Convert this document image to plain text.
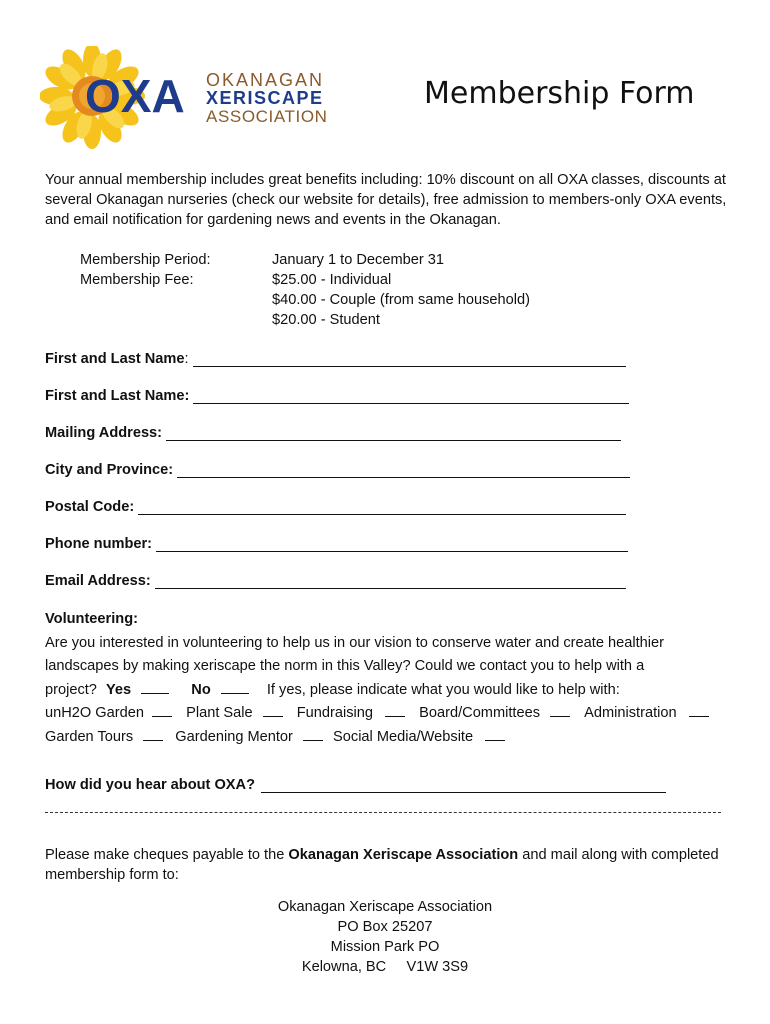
OXA OKANAGAN
XERISCAPE
ASSOCIATION
Membership Form
Your annual membership includes great benefits including: 10% discount on all OXA classes, discounts at several Okanagan nurseries (check our website for details), free admission to members-only OXA events, and email notification for gardening news and events in the Okanagan.
Membership Period:	January 1 to December 31
Membership Fee:	$25.00 - Individual
$40.00 - Couple (from same household)
$20.00 - Student
First and Last Name :
First and Last Name:
Mailing Address:
City and Province:
Postal Code:
Phone number:
Email Address:
Volunteering:
Are you interested in volunteering to help us in our vision to conserve water and create healthier
landscapes by making xeriscape the norm in this Valley? Could we contact you to help with a
project? Yes	No	If yes, please indicate what you would like to help with:
unH2O Garden	Plant Sale	Fundraising	Board/Committees	Administration
Garden Tours	Gardening Mentor	Social Media/Website
How did you hear about OXA?
Please make cheques payable to the Okanagan Xeriscape Association and mail along with completed membership form to:
Okanagan Xeriscape Association
PO Box 25207
Mission Park PO
Kelowna, BC     V1W 3S9
